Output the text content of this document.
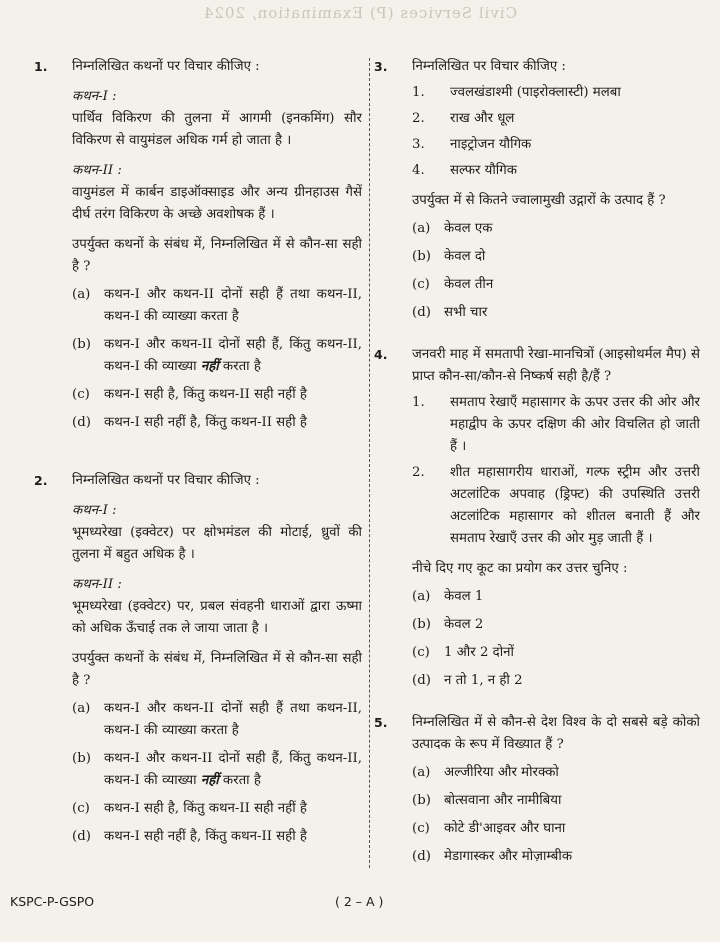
Civil Services (P) Examination, 2024
1. निम्नलिखित कथनों पर विचार कीजिए :
कथन-I :
पार्थिव विकिरण की तुलना में आगमी (इनकमिंग) सौर विकिरण से वायुमंडल अधिक गर्म हो जाता है ।
कथन-II :
वायुमंडल में कार्बन डाइऑक्साइड और अन्य ग्रीनहाउस गैसें दीर्घ तरंग विकिरण के अच्छे अवशोषक हैं ।
उपर्युक्त कथनों के संबंध में, निम्नलिखित में से कौन-सा सही है ?
(a) कथन-I और कथन-II दोनों सही हैं तथा कथन-II, कथन-I की व्याख्या करता है
(b) कथन-I और कथन-II दोनों सही हैं, किंतु कथन-II, कथन-I की व्याख्या नहीं करता है
(c) कथन-I सही है, किंतु कथन-II सही नहीं है
(d) कथन-I सही नहीं है, किंतु कथन-II सही है
2. निम्नलिखित कथनों पर विचार कीजिए :
कथन-I :
भूमध्यरेखा (इक्वेटर) पर क्षोभमंडल की मोटाई, ध्रुवों की तुलना में बहुत अधिक है ।
कथन-II :
भूमध्यरेखा (इक्वेटर) पर, प्रबल संवहनी धाराओं द्वारा ऊष्मा को अधिक ऊँचाई तक ले जाया जाता है ।
उपर्युक्त कथनों के संबंध में, निम्नलिखित में से कौन-सा सही है ?
(a) कथन-I और कथन-II दोनों सही हैं तथा कथन-II, कथन-I की व्याख्या करता है
(b) कथन-I और कथन-II दोनों सही हैं, किंतु कथन-II, कथन-I की व्याख्या नहीं करता है
(c) कथन-I सही है, किंतु कथन-II सही नहीं है
(d) कथन-I सही नहीं है, किंतु कथन-II सही है
3. निम्नलिखित पर विचार कीजिए :
1. ज्वलखंडाश्मी (पाइरोक्लास्टी) मलबा
2. राख और धूल
3. नाइट्रोजन यौगिक
4. सल्फर यौगिक
उपर्युक्त में से कितने ज्वालामुखी उद्गारों के उत्पाद हैं ?
(a) केवल एक
(b) केवल दो
(c) केवल तीन
(d) सभी चार
4. जनवरी माह में समतापी रेखा-मानचित्रों (आइसोथर्मल मैप) से प्राप्त कौन-सा/कौन-से निष्कर्ष सही है/हैं ?
1. समताप रेखाएँ महासागर के ऊपर उत्तर की ओर और महाद्वीप के ऊपर दक्षिण की ओर विचलित हो जाती हैं ।
2. शीत महासागरीय धाराओं, गल्फ स्ट्रीम और उत्तरी अटलांटिक अपवाह (ड्रिफ्ट) की उपस्थिति उत्तरी अटलांटिक महासागर को शीतल बनाती हैं और समताप रेखाएँ उत्तर की ओर मुड़ जाती हैं ।
नीचे दिए गए कूट का प्रयोग कर उत्तर चुनिए :
(a) केवल 1
(b) केवल 2
(c) 1 और 2 दोनों
(d) न तो 1, न ही 2
5. निम्नलिखित में से कौन-से देश विश्व के दो सबसे बड़े कोको उत्पादक के रूप में विख्यात हैं ?
(a) अल्जीरिया और मोरक्को
(b) बोत्सवाना और नामीबिया
(c) कोटे डी'आइवर और घाना
(d) मेडागास्कर और मोज़ाम्बीक
KSPC-P-GSPO	( 2 – A )
